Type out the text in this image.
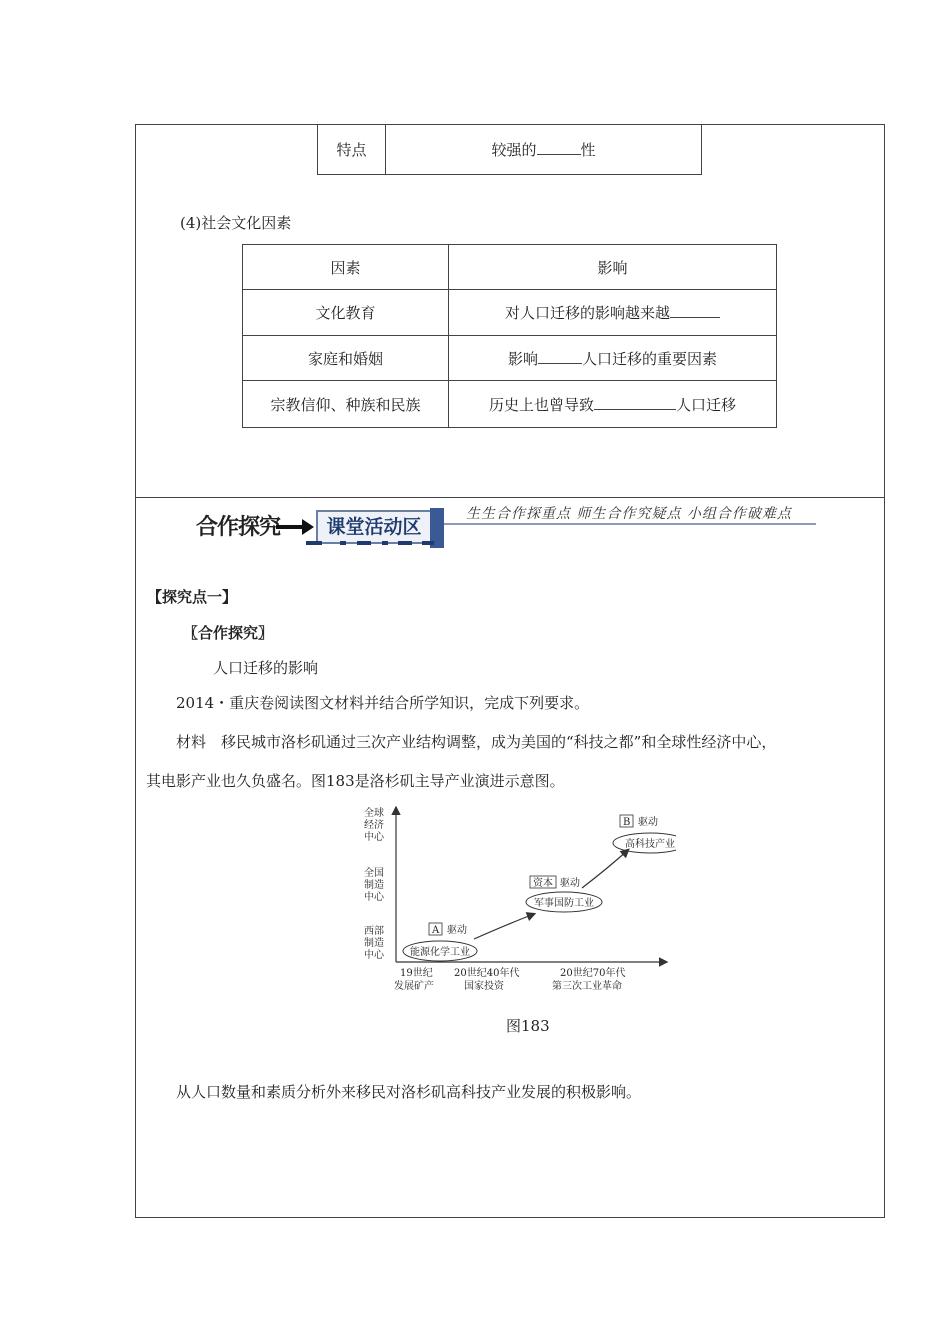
特点	较强的	性
(4)社会文化因素
因素	影响
文化教育	对人口迁移的影响越来越
家庭和婚姻	影响 人口迁移的重要因素
宗教信仰、种族和民族	历史上也曾导致 人口迁移
合作探究	课堂活动区
生生合作探重点 师生合作究疑点 小组合作破难点
【探究点一】
〖合作探究〗
人口迁移的影响
2014・重庆卷阅读图文材料并结合所学知识，完成下列要求。
材料　移民城市洛杉矶通过三次产业结构调整，成为美国的“科技之都”和全球性经济中心，
其电影产业也久负盛名。图183是洛杉矶主导产业演进示意图。
全 球
经 济
中 心
全 国
制 造
中 心
西 部
制 造
中 心
19世纪
发展矿产
20世纪40年代
国家投资
20世纪70年代
第三次工业革命
A 驱动
能源化学工业
资本 驱动
军事国防工业
B 驱动
高科技产业
图183
从人口数量和素质分析外来移民对洛杉矶高科技产业发展的积极影响。
